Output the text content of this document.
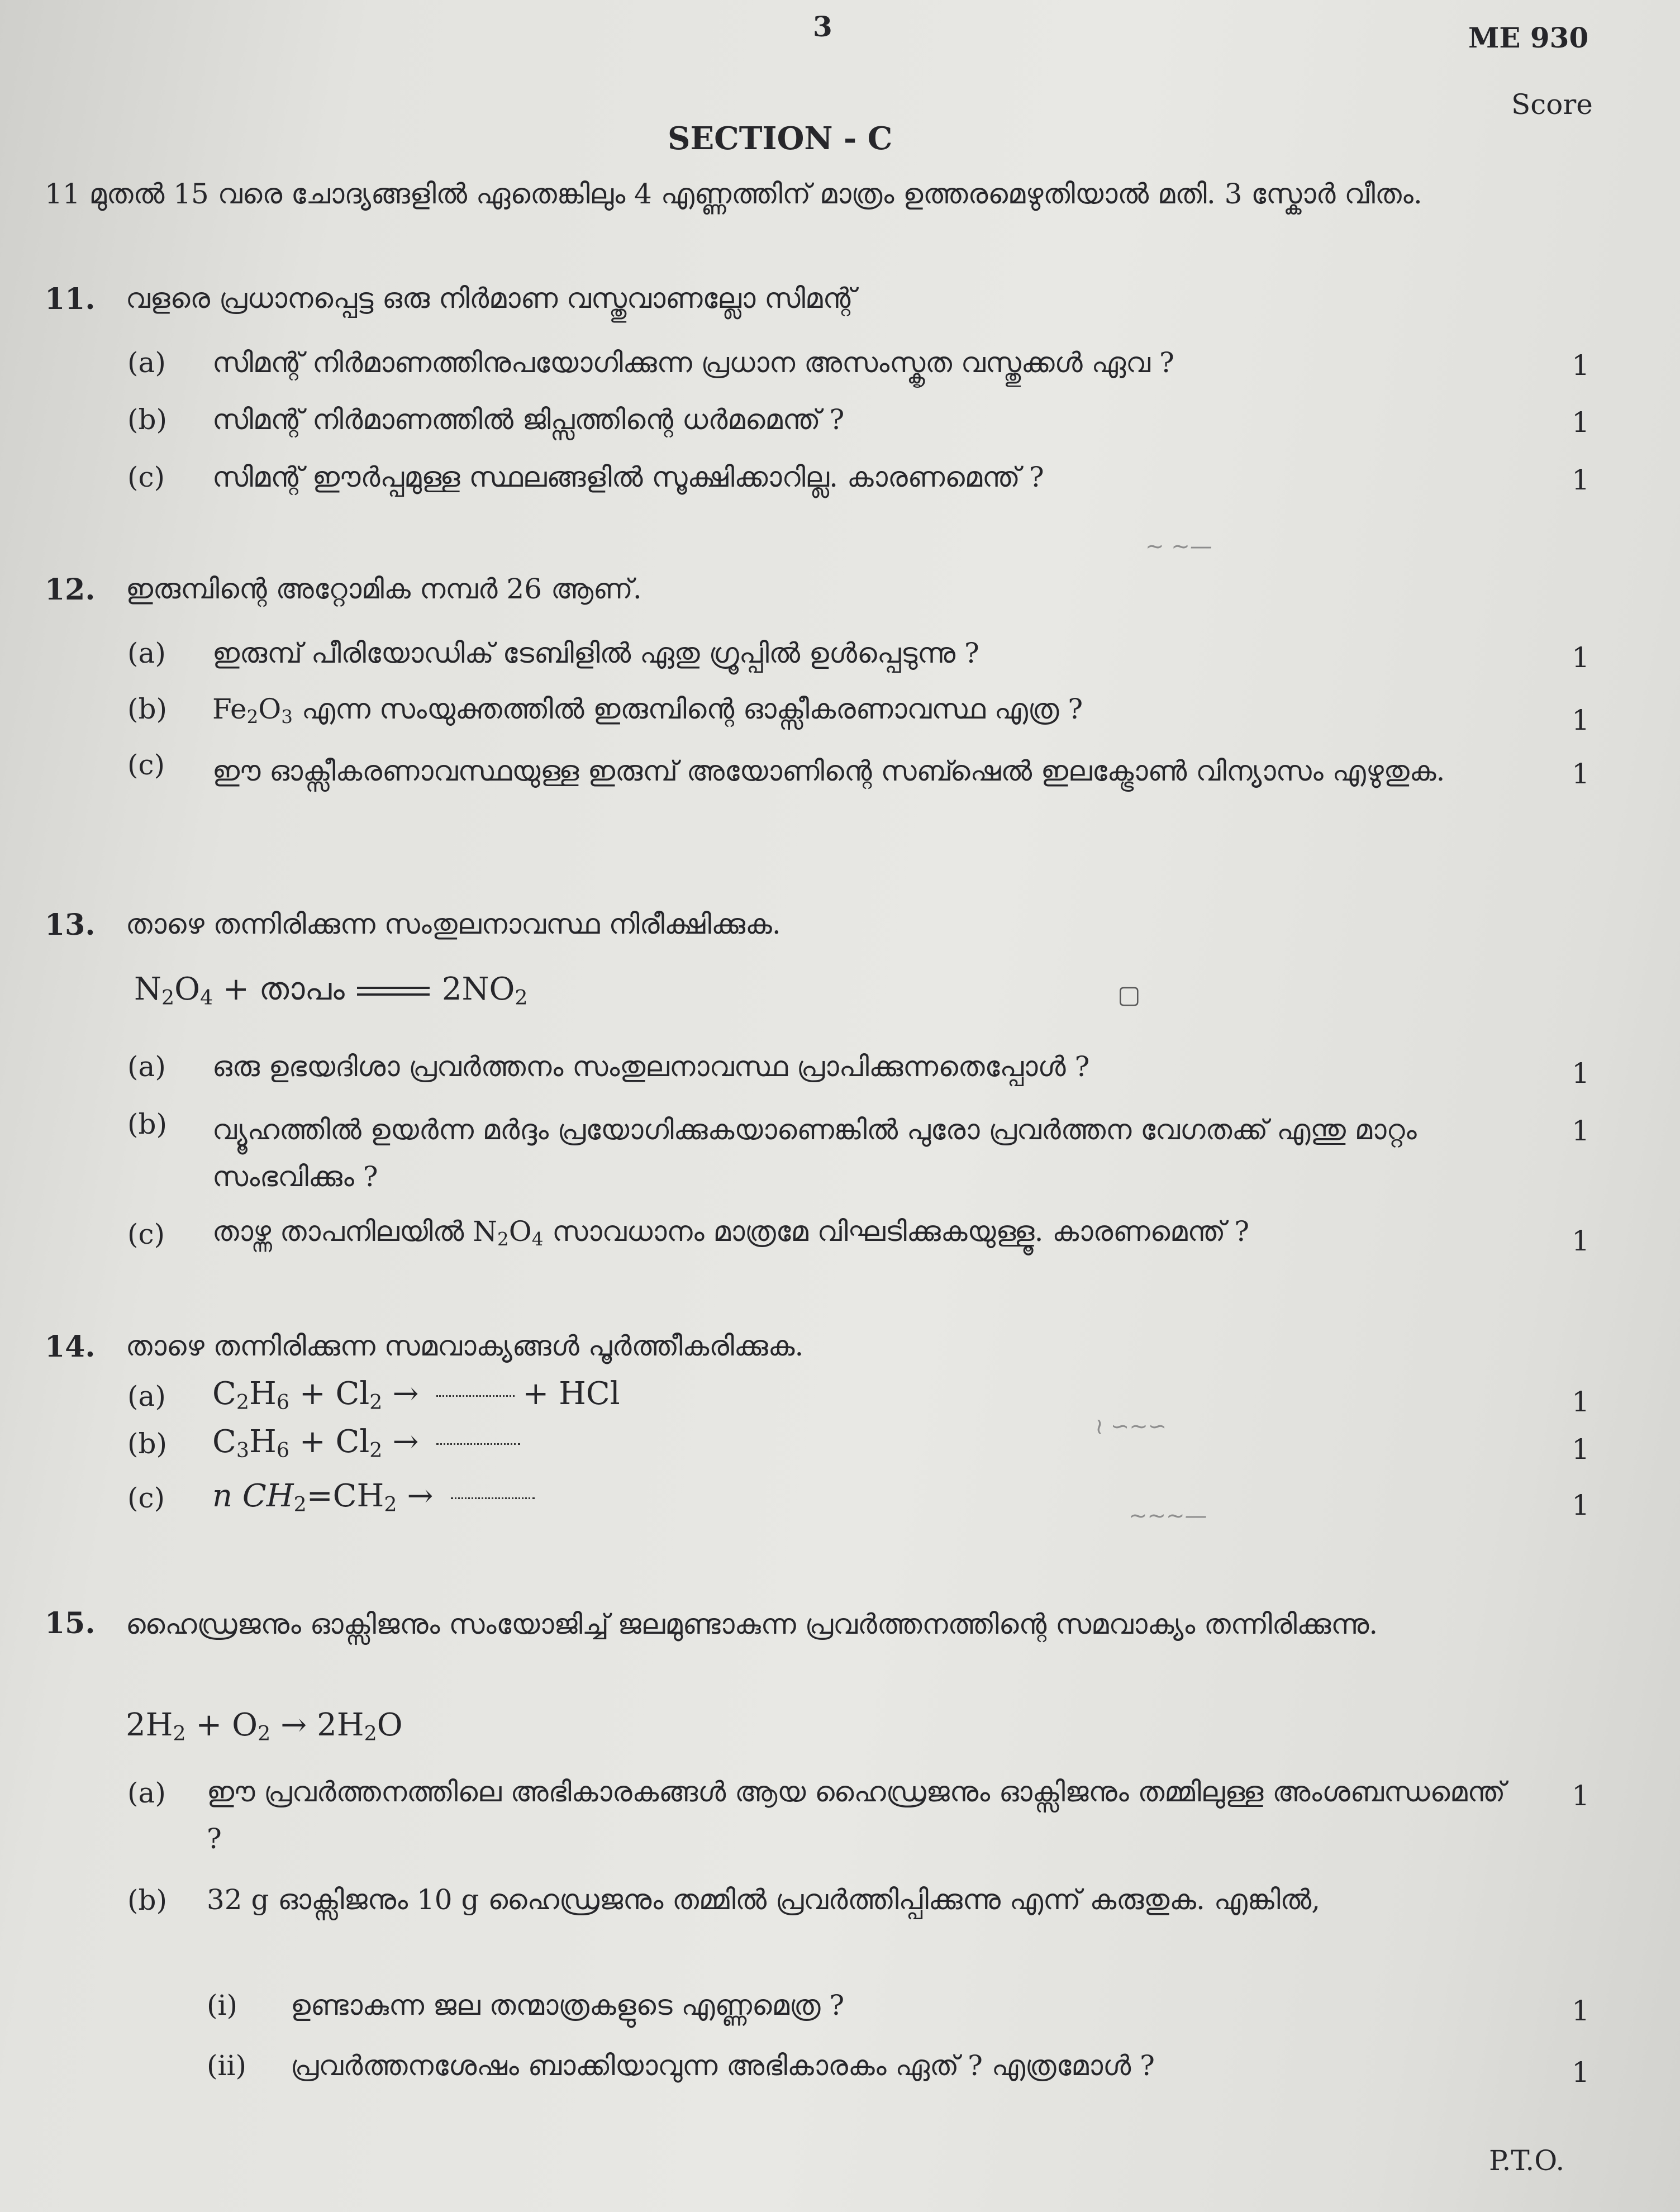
3	ME 930
Score
SECTION - C
11 മുതൽ 15 വരെ ചോദ്യങ്ങളിൽ ഏതെങ്കിലും 4 എണ്ണത്തിന് മാത്രം ഉത്തരമെഴുതിയാൽ മതി. 3 സ്കോർ വീതം.
11. വളരെ പ്രധാനപ്പെട്ട ഒരു നിർമാണ വസ്തുവാണല്ലോ സിമന്റ്
(a) സിമന്റ് നിർമാണത്തിനുപയോഗിക്കുന്ന പ്രധാന അസംസ്കൃത വസ്തുക്കൾ ഏവ ?	1
(b) സിമന്റ് നിർമാണത്തിൽ ജിപ്സത്തിന്റെ ധർമമെന്ത് ?	1
(c) സിമന്റ് ഈർപ്പമുള്ള സ്ഥലങ്ങളിൽ സൂക്ഷിക്കാറില്ല. കാരണമെന്ത് ?	1
12. ഇരുമ്പിന്റെ അറ്റോമിക നമ്പർ 26 ആണ്.
(a) ഇരുമ്പ് പീരിയോഡിക് ടേബിളിൽ ഏതു ഗ്രൂപ്പിൽ ഉൾപ്പെടുന്നു ?	1
(b) $Fe_2O_3$ എന്ന സംയുക്തത്തിൽ ഇരുമ്പിന്റെ ഓക്സീകരണാവസ്ഥ എത്ര ?	1
(c) ഈ ഓക്സീകരണാവസ്ഥയുള്ള ഇരുമ്പ് അയോണിന്റെ സബ്ഷെൽ ഇലക്ട്രോൺ വിന്യാസം എഴുതുക.	1
13. താഴെ തന്നിരിക്കുന്ന സംതുലനാവസ്ഥ നിരീക്ഷിക്കുക.
$N_2O_4$ + താപം	$2NO_2$	▢
(a) ഒരു ഉഭയദിശാ പ്രവർത്തനം സംതുലനാവസ്ഥ പ്രാപിക്കുന്നതെപ്പോൾ ?	1
(b) വ്യൂഹത്തിൽ ഉയർന്ന മർദ്ദം പ്രയോഗിക്കുകയാണെങ്കിൽ പുരോ പ്രവർത്തന വേഗതക്ക് എന്തു മാറ്റം സംഭവിക്കും ?
1
(c) താഴ്ന്ന താപനിലയിൽ $N_2O_4$ സാവധാനം മാത്രമേ വിഘടിക്കുകയുള്ളൂ. കാരണമെന്ത് ?	1
14. താഴെ തന്നിരിക്കുന്ന സമവാക്യങ്ങൾ പൂർത്തീകരിക്കുക.
(a) $C_2H_6 + Cl_2$ →	+ HCl	1
(b) $C_3H_6 + Cl_2$ →	1
(c) n $CH_2=CH_2$ →	1
15. ഹൈഡ്രജനും ഓക്സിജനും സംയോജിച്ച് ജലമുണ്ടാകുന്ന പ്രവർത്തനത്തിന്റെ സമവാക്യം തന്നിരിക്കുന്നു.
$2H_2 + O_2 \to 2H_2O$
(a) ഈ പ്രവർത്തനത്തിലെ അഭികാരകങ്ങൾ ആയ ഹൈഡ്രജനും ഓക്സിജനും തമ്മിലുള്ള അംശബന്ധമെന്ത് ?
1
(b) 32 g ഓക്സിജനും 10 g ഹൈഡ്രജനും തമ്മിൽ പ്രവർത്തിപ്പിക്കുന്നു എന്ന് കരുതുക. എങ്കിൽ,
(i) ഉണ്ടാകുന്ന ജല തന്മാത്രകളുടെ എണ്ണമെത്ര ?	1
(ii) പ്രവർത്തനശേഷം ബാക്കിയാവുന്ന അഭികാരകം ഏത് ? എത്രമോൾ ?	1
P.T.O.
~ ~—
≀ ∽∼∽
~~~—
